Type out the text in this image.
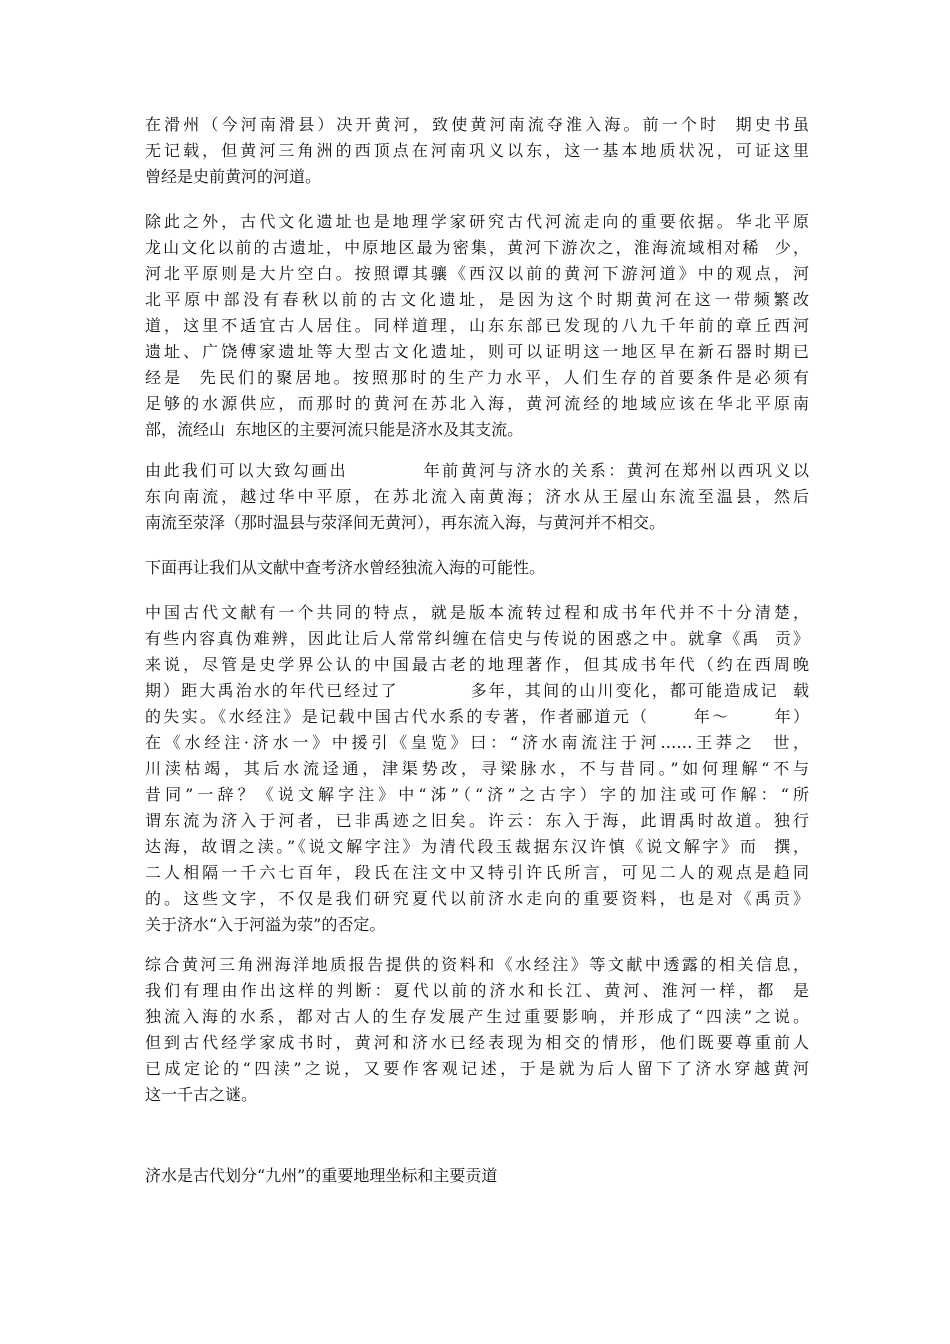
在滑州（今河南滑县）决开黄河，致使黄河南流夺淮入海。前一个时  期史书虽
无记载，但黄河三角洲的西顶点在河南巩义以东，这一基本地质状况，可证这里
曾经是史前黄河的河道。
除此之外，古代文化遗址也是地理学家研究古代河流走向的重要依据。华北平原
龙山文化以前的古遗址，中原地区最为密集，黄河下游次之，淮海流域相对稀  少，
河北平原则是大片空白。按照谭其骧《西汉以前的黄河下游河道》中的观点，河
北平原中部没有春秋以前的古文化遗址，是因为这个时期黄河在这一带频繁改
道，这里不适宜古人居住。同样道理，山东东部已发现的八九千年前的章丘西河
遗址、广饶傅家遗址等大型古文化遗址，则可以证明这一地区早在新石器时期已
经是  先民们的聚居地。按照那时的生产力水平，人们生存的首要条件是必须有
足够的水源供应，而那时的黄河在苏北入海，黄河流经的地域应该在华北平原南
部，流经山  东地区的主要河流只能是济水及其支流。
由此我们可以大致勾画出          年前黄河与济水的关系：黄河在郑州以西巩义以
东向南流，越过华中平原，在苏北流入南黄海；济水从王屋山东流至温县，然后
南流至荥泽（那时温县与荥泽间无黄河），再东流入海，与黄河并不相交。
下面再让我们从文献中查考济水曾经独流入海的可能性。
中国古代文献有一个共同的特点，就是版本流转过程和成书年代并不十分清楚，
有些内容真伪难辨，因此让后人常常纠缠在信史与传说的困惑之中。就拿《禹  贡》
来说，尽管是史学界公认的中国最古老的地理著作，但其成书年代（约在西周晚
期）距大禹治水的年代已经过了          多年，其间的山川变化，都可能造成记  载
的失实。《水经注》是记载中国古代水系的专著，作者郦道元（      年～      年）
在《水经注·济水一》中援引《皇览》曰：“济水南流注于河……王莽之  世，
川渎枯竭，其后水流迳通，津渠势改，寻梁脉水，不与昔同。”如何理解“不与
昔同”一辞？《说文解字注》中“泲”（“济”之古字）字的加注或可作解：“所
谓东流为济入于河者，已非禹迹之旧矣。许云：东入于海，此谓禹时故道。独行
达海，故谓之渎。”《说文解字注》为清代段玉裁据东汉许慎《说文解字》而  撰，
二人相隔一千六七百年，段氏在注文中又特引许氏所言，可见二人的观点是趋同
的。这些文字，不仅是我们研究夏代以前济水走向的重要资料，也是对《禹贡》
关于济水“入于河溢为荥”的否定。
综合黄河三角洲海洋地质报告提供的资料和《水经注》等文献中透露的相关信息，
我们有理由作出这样的判断：夏代以前的济水和长江、黄河、淮河一样，都  是
独流入海的水系，都对古人的生存发展产生过重要影响，并形成了“四渎”之说。
但到古代经学家成书时，黄河和济水已经表现为相交的情形，他们既要尊重前人
已成定论的“四渎”之说，又要作客观记述，于是就为后人留下了济水穿越黄河
这一千古之谜。
济水是古代划分“九州”的重要地理坐标和主要贡道
